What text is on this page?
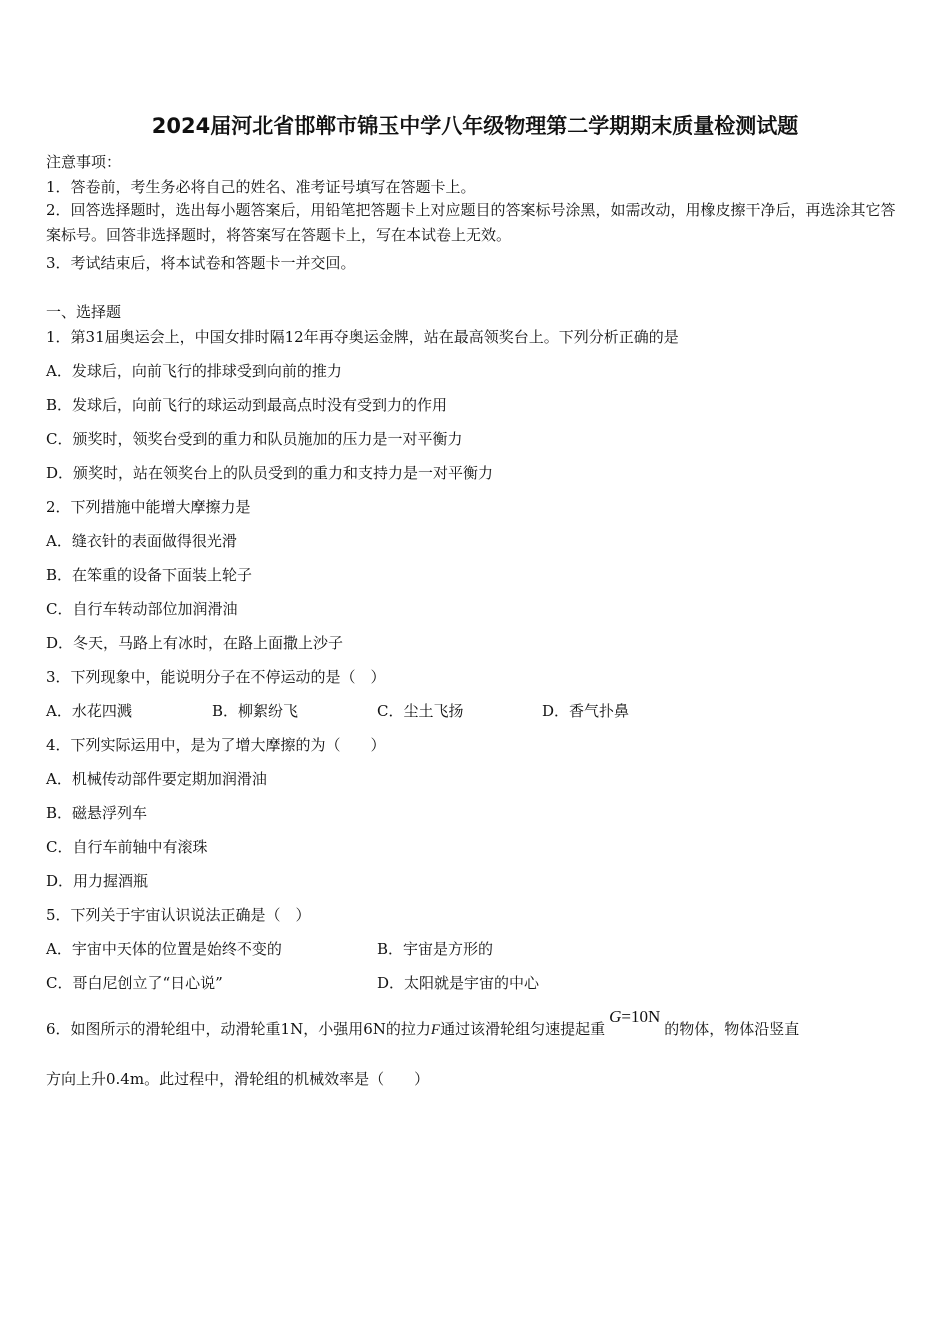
2024届河北省邯郸市锦玉中学八年级物理第二学期期末质量检测试题
注意事项：
1．答卷前，考生务必将自己的姓名、准考证号填写在答题卡上。
2．回答选择题时，选出每小题答案后，用铅笔把答题卡上对应题目的答案标号涂黑，如需改动，用橡皮擦干净后，再选涂其它答案标号。回答非选择题时，将答案写在答题卡上，写在本试卷上无效。
3．考试结束后，将本试卷和答题卡一并交回。
一、选择题
1．第31届奥运会上，中国女排时隔12年再夺奥运金牌，站在最高领奖台上。下列分析正确的是
A．发球后，向前飞行的排球受到向前的推力
B．发球后，向前飞行的球运动到最高点时没有受到力的作用
C．颁奖时，领奖台受到的重力和队员施加的压力是一对平衡力
D．颁奖时，站在领奖台上的队员受到的重力和支持力是一对平衡力
2．下列措施中能增大摩擦力是
A．缝衣针的表面做得很光滑
B．在笨重的设备下面装上轮子
C．自行车转动部位加润滑油
D．冬天，马路上有冰时，在路上面撒上沙子
3．下列现象中，能说明分子在不停运动的是（　）
A．水花四溅	B．柳絮纷飞	C．尘土飞扬	D．香气扑鼻
4．下列实际运用中，是为了增大摩擦的为（　　）
A．机械传动部件要定期加润滑油
B．磁悬浮列车
C．自行车前轴中有滚珠
D．用力握酒瓶
5．下列关于宇宙认识说法正确是（　）
A．宇宙中天体的位置是始终不变的	B．宇宙是方形的
C．哥白尼创立了“日心说”	D．太阳就是宇宙的中心
6．如图所示的滑轮组中，动滑轮重1N，小强用6N的拉力F通过该滑轮组匀速提起重G=10N的物体，物体沿竖直
方向上升0.4m。此过程中，滑轮组的机械效率是（　　）
